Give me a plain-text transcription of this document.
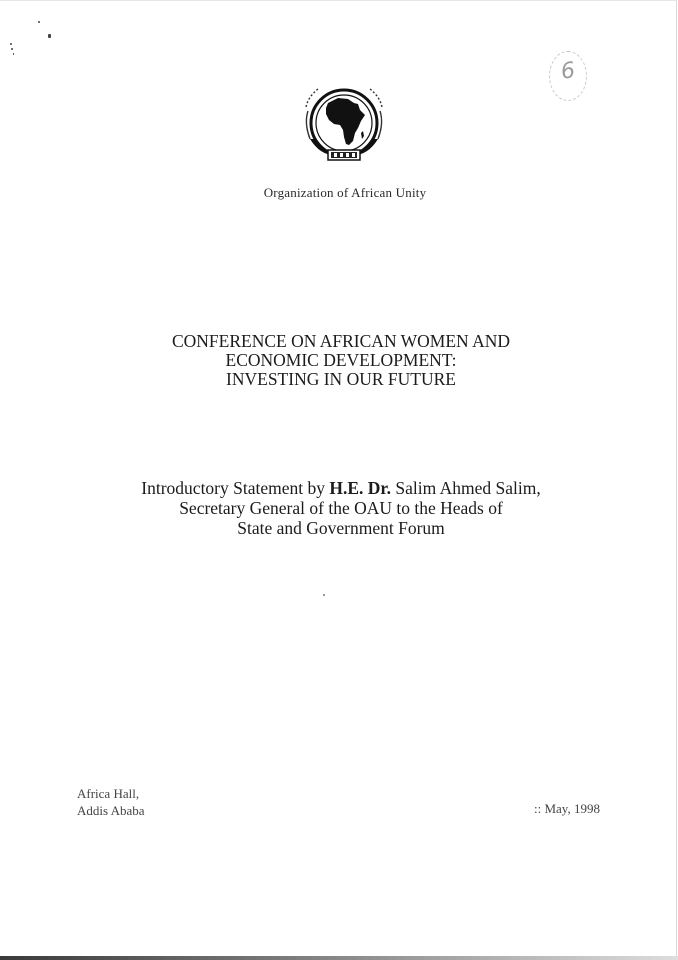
6
Organization of African Unity
CONFERENCE ON AFRICAN WOMEN AND
ECONOMIC DEVELOPMENT:
INVESTING IN OUR FUTURE
Introductory Statement by H.E. Dr. Salim Ahmed Salim,
Secretary General of the OAU to the Heads of
State and Government Forum
Africa Hall,
Addis Ababa	:: May, 1998
